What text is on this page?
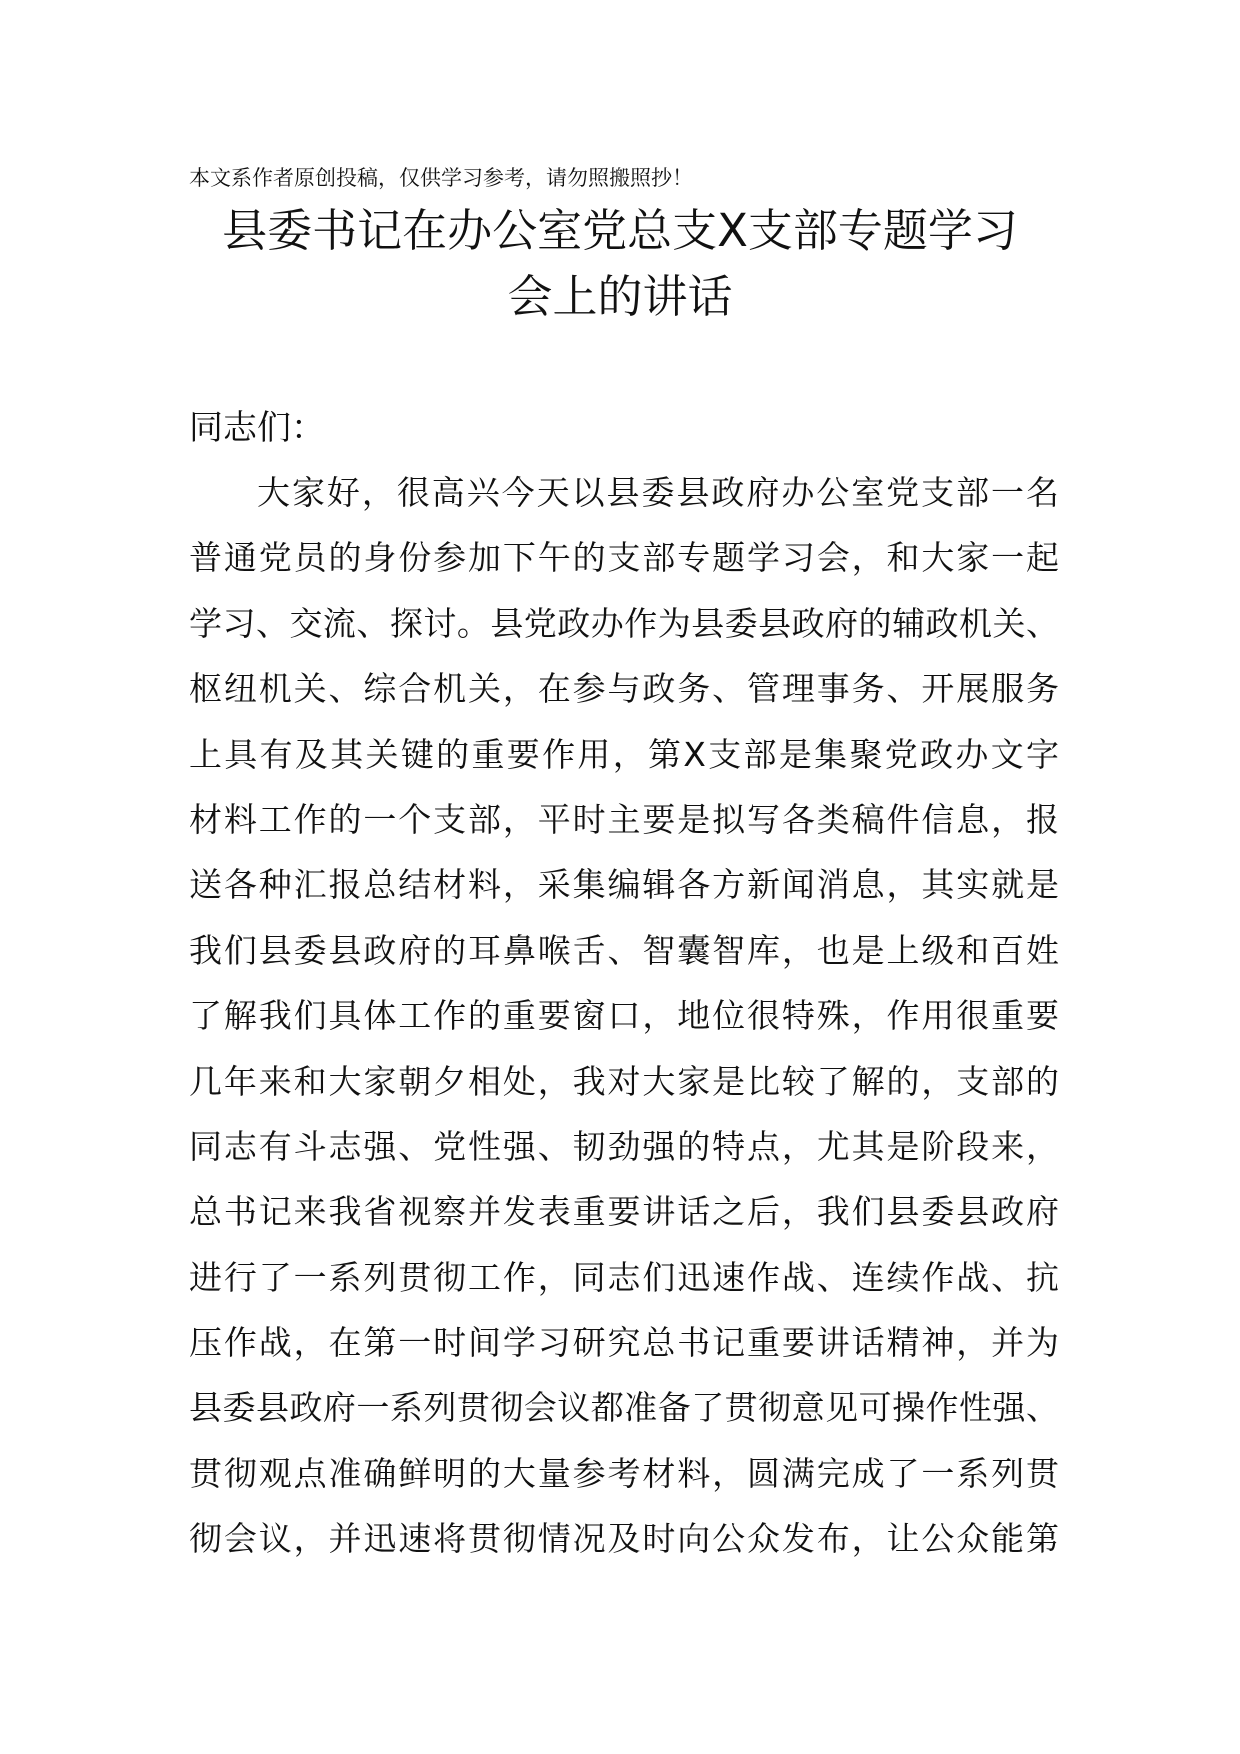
本文系作者原创投稿，仅供学习参考，请勿照搬照抄！
县委书记在办公室党总支X支部专题学习
会上的讲话
同志们：
大家好，很高兴今天以县委县政府办公室党支部一名
普通党员的身份参加下午的支部专题学习会，和大家一起
学习、交流、探讨。县党政办作为县委县政府的辅政机关、
枢纽机关、综合机关，在参与政务、管理事务、开展服务
上具有及其关键的重要作用，第X支部是集聚党政办文字
材料工作的一个支部，平时主要是拟写各类稿件信息，报
送各种汇报总结材料，采集编辑各方新闻消息，其实就是
我们县委县政府的耳鼻喉舌、智囊智库，也是上级和百姓
了解我们具体工作的重要窗口，地位很特殊，作用很重要
几年来和大家朝夕相处，我对大家是比较了解的，支部的
同志有斗志强、党性强、韧劲强的特点，尤其是阶段来，
总书记来我省视察并发表重要讲话之后，我们县委县政府
进行了一系列贯彻工作，同志们迅速作战、连续作战、抗
压作战，在第一时间学习研究总书记重要讲话精神，并为
县委县政府一系列贯彻会议都准备了贯彻意见可操作性强、
贯彻观点准确鲜明的大量参考材料，圆满完成了一系列贯
彻会议，并迅速将贯彻情况及时向公众发布，让公众能第
